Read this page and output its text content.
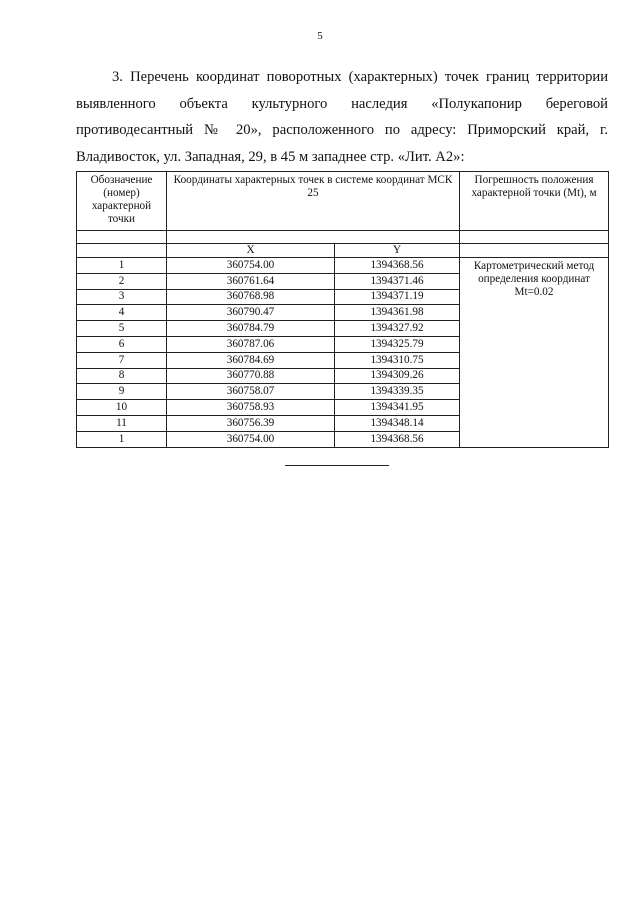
5

3. Перечень координат поворотных (характерных) точек границ территории выявленного объекта культурного наследия «Полукапонир береговой противодесантный № 20», расположенного по адресу: Приморский край, г. Владивосток, ул. Западная, 29, в 45 м западнее стр. «Лит. А2»:

Обозначение (номер) характерной точки	Координаты характерных точек в системе координат МСК 25		Погрешность положения характерной точки (Mt), м

	X	Y	
1	360754.00	1394368.56	Картометрический метод определения координат Mt=0.02
2	360761.64	1394371.46	
3	360768.98	1394371.19	
4	360790.47	1394361.98	
5	360784.79	1394327.92	
6	360787.06	1394325.79	
7	360784.69	1394310.75	
8	360770.88	1394309.26	
9	360758.07	1394339.35	
10	360758.93	1394341.95	
11	360756.39	1394348.14	
1	360754.00	1394368.56	
